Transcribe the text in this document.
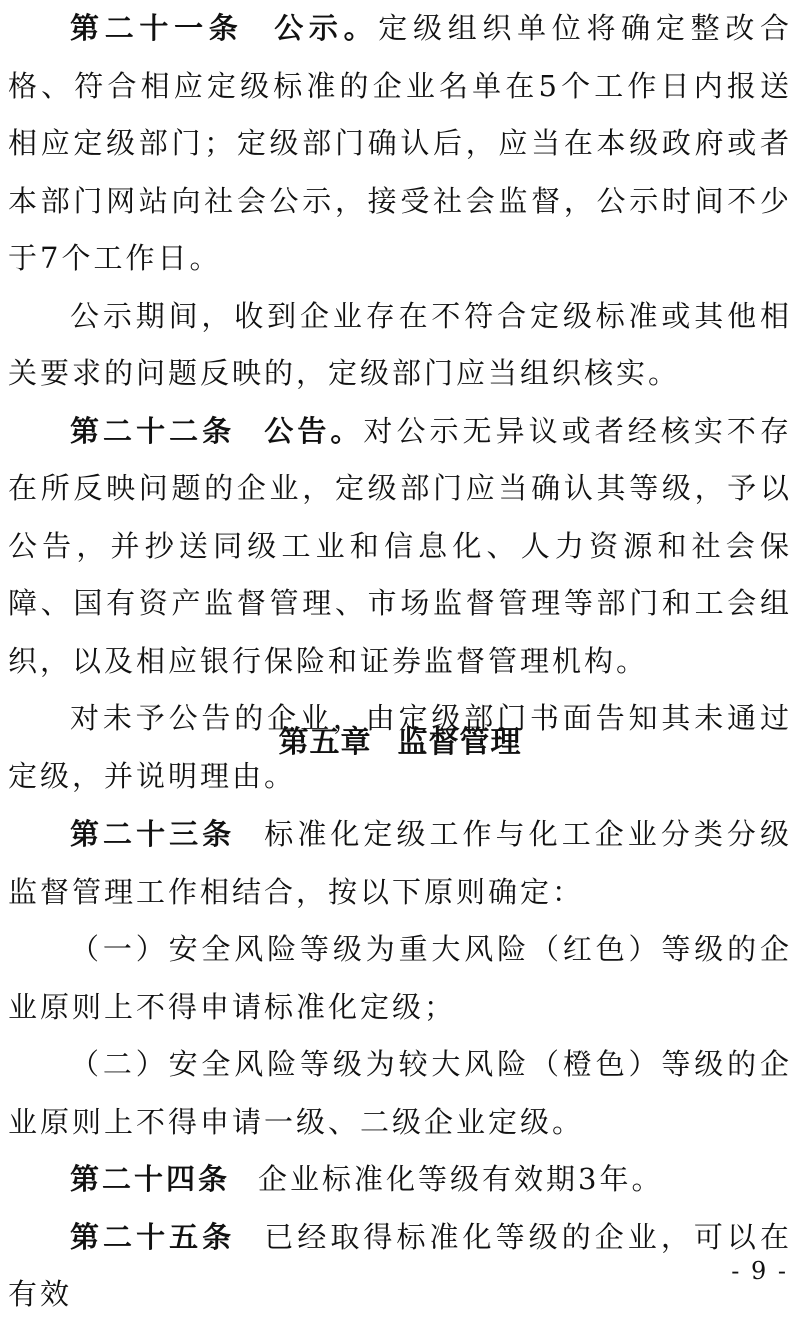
第二十一条 公示。定级组织单位将确定整改合格、符合相应定级标准的企业名单在5个工作日内报送相应定级部门；定级部门确认后，应当在本级政府或者本部门网站向社会公示，接受社会监督，公示时间不少于7个工作日。

公示期间，收到企业存在不符合定级标准或其他相关要求的问题反映的，定级部门应当组织核实。

第二十二条 公告。对公示无异议或者经核实不存在所反映问题的企业，定级部门应当确认其等级，予以公告，并抄送同级工业和信息化、人力资源和社会保障、国有资产监督管理、市场监督管理等部门和工会组织，以及相应银行保险和证券监督管理机构。

对未予公告的企业，由定级部门书面告知其未通过定级，并说明理由。

第五章 监督管理

第二十三条 标准化定级工作与化工企业分类分级监督管理工作相结合，按以下原则确定：

（一）安全风险等级为重大风险（红色）等级的企业原则上不得申请标准化定级；

（二）安全风险等级为较大风险（橙色）等级的企业原则上不得申请一级、二级企业定级。

第二十四条 企业标准化等级有效期3年。

第二十五条 已经取得标准化等级的企业，可以在有效

- 9 -
